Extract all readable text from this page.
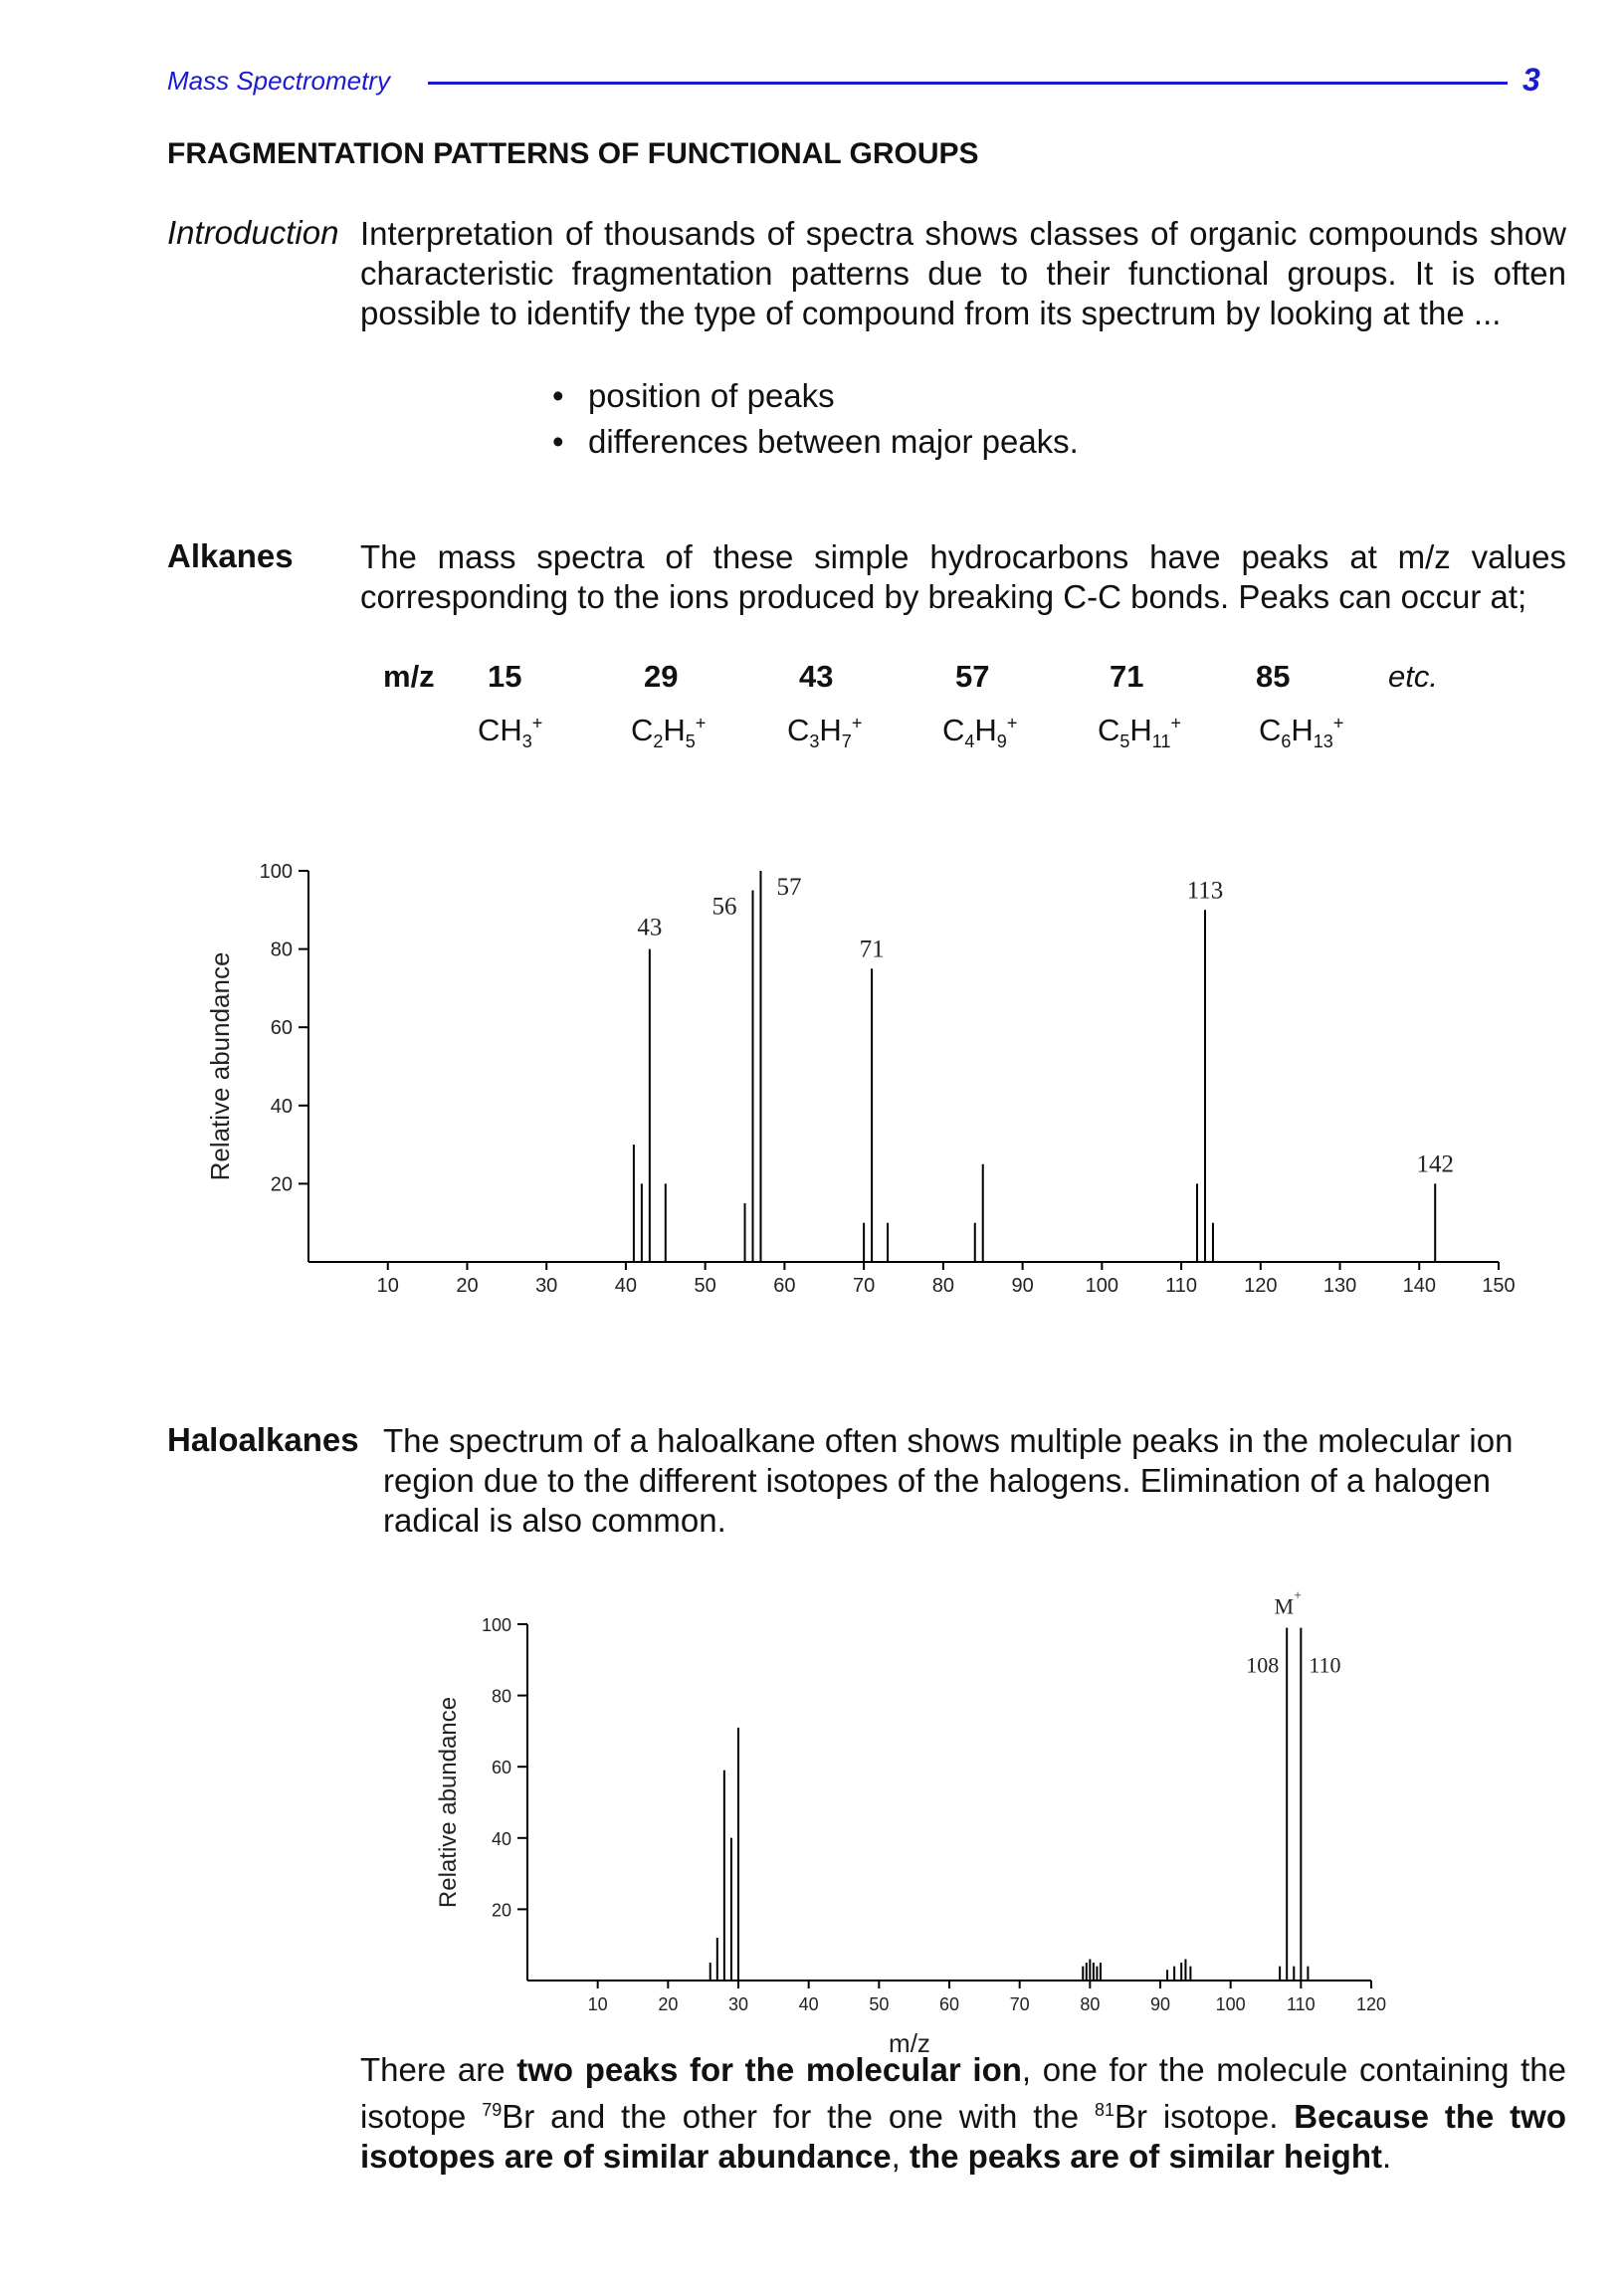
Mass Spectrometry	3
FRAGMENTATION PATTERNS OF FUNCTIONAL GROUPS
Introduction Interpretation of thousands of spectra shows classes of organic compounds show characteristic fragmentation patterns due to their functional groups. It is often possible to identify the type of compound from its spectrum by looking at the ...
• position of peaks
• differences between major peaks.
Alkanes The mass spectra of these simple hydrocarbons have peaks at m/z values corresponding to the ions produced by breaking C-C bonds. Peaks can occur at;
m/z 15	29	43	57	71	85	etc.
$CH_3^+$	$C_2H_5^+$	$C_3H_7^+$	$C_4H_9^+$	$C_5H_{11}^+$	$C_6H_{13}^+$
20
40
60
80
100
10	20	30	40	50	60	70	80	90	100 110 120 130 140 150
Relative abundance
43
56
57
71
113
142
20
40
60
80
100
10	20	30	40	50	60	70	80	90	100 110 120
Relative abundance
m/z
108 110
M+
Haloalkanes The spectrum of a haloalkane often shows multiple peaks in the molecular ion region due to the different isotopes of the halogens. Elimination of a halogen radical is also common.
There are two peaks for the molecular ion, one for the molecule containing the isotope $^{79}$Br and the other for the one with the $^{81}$Br isotope. Because the two isotopes are of similar abundance, the peaks are of similar height.
